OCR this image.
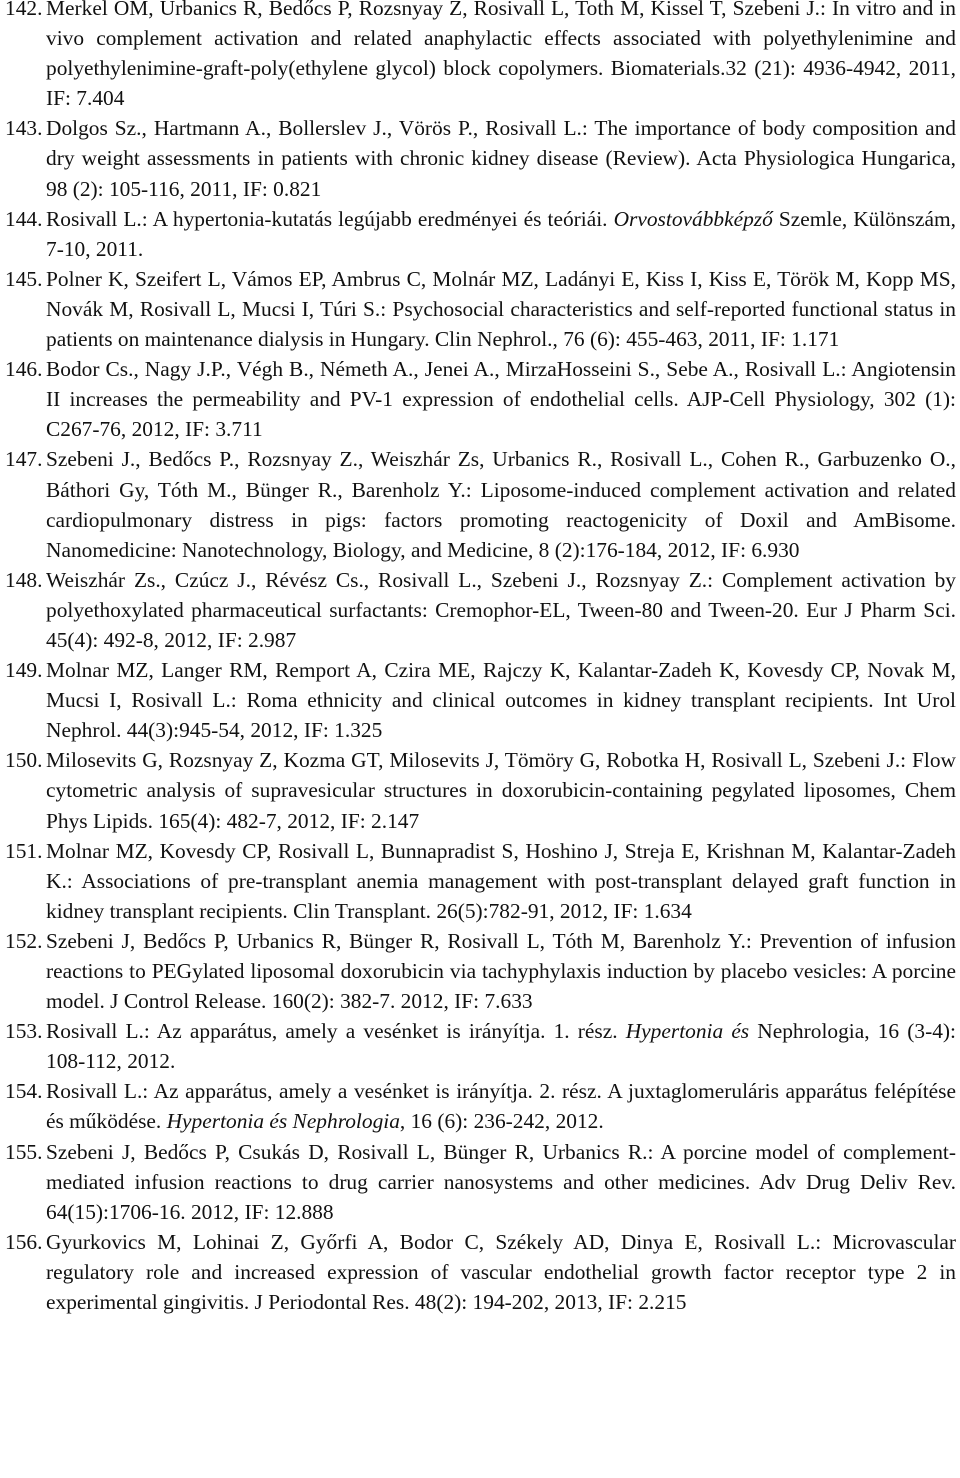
142. Merkel OM, Urbanics R, Bedőcs P, Rozsnyay Z, Rosivall L, Toth M, Kissel T, Szebeni J.: In vitro and in vivo complement activation and related anaphylactic effects associated with polyethylenimine and polyethylenimine-graft-poly(ethylene glycol) block copolymers. Biomaterials.32 (21): 4936-4942, 2011, IF: 7.404
143. Dolgos Sz., Hartmann A., Bollerslev J., Vörös P., Rosivall L.: The importance of body composition and dry weight assessments in patients with chronic kidney disease (Review). Acta Physiologica Hungarica, 98 (2): 105-116, 2011, IF: 0.821
144. Rosivall L.: A hypertonia-kutatás legújabb eredményei és teóriái. Orvostovábbképző Szemle, Különszám, 7-10, 2011.
145. Polner K, Szeifert L, Vámos EP, Ambrus C, Molnár MZ, Ladányi E, Kiss I, Kiss E, Török M, Kopp MS, Novák M, Rosivall L, Mucsi I, Túri S.: Psychosocial characteristics and self-reported functional status in patients on maintenance dialysis in Hungary. Clin Nephrol., 76 (6): 455-463, 2011, IF: 1.171
146. Bodor Cs., Nagy J.P., Végh B., Németh A., Jenei A., MirzaHosseini S., Sebe A., Rosivall L.: Angiotensin II increases the permeability and PV-1 expression of endothelial cells. AJP-Cell Physiology, 302 (1): C267-76, 2012, IF: 3.711
147. Szebeni J., Bedőcs P., Rozsnyay Z., Weiszhár Zs, Urbanics R., Rosivall L., Cohen R., Garbuzenko O., Báthori Gy, Tóth M., Bünger R., Barenholz Y.: Liposome-induced complement activation and related cardiopulmonary distress in pigs: factors promoting reactogenicity of Doxil and AmBisome. Nanomedicine: Nanotechnology, Biology, and Medicine, 8 (2):176-184, 2012, IF: 6.930
148. Weiszhár Zs., Czúcz J., Révész Cs., Rosivall L., Szebeni J., Rozsnyay Z.: Complement activation by polyethoxylated pharmaceutical surfactants: Cremophor-EL, Tween-80 and Tween-20. Eur J Pharm Sci. 45(4): 492-8, 2012, IF: 2.987
149. Molnar MZ, Langer RM, Remport A, Czira ME, Rajczy K, Kalantar-Zadeh K, Kovesdy CP, Novak M, Mucsi I, Rosivall L.: Roma ethnicity and clinical outcomes in kidney transplant recipients. Int Urol Nephrol. 44(3):945-54, 2012, IF: 1.325
150. Milosevits G, Rozsnyay Z, Kozma GT, Milosevits J, Tömöry G, Robotka H, Rosivall L, Szebeni J.: Flow cytometric analysis of supravesicular structures in doxorubicin-containing pegylated liposomes, Chem Phys Lipids. 165(4): 482-7, 2012, IF: 2.147
151. Molnar MZ, Kovesdy CP, Rosivall L, Bunnapradist S, Hoshino J, Streja E, Krishnan M, Kalantar-Zadeh K.: Associations of pre-transplant anemia management with post-transplant delayed graft function in kidney transplant recipients. Clin Transplant. 26(5):782-91, 2012, IF: 1.634
152. Szebeni J, Bedőcs P, Urbanics R, Bünger R, Rosivall L, Tóth M, Barenholz Y.: Prevention of infusion reactions to PEGylated liposomal doxorubicin via tachyphylaxis induction by placebo vesicles: A porcine model. J Control Release. 160(2): 382-7. 2012, IF: 7.633
153. Rosivall L.: Az apparátus, amely a vesénket is irányítja. 1. rész. Hypertonia és Nephrologia, 16 (3-4): 108-112, 2012.
154. Rosivall L.: Az apparátus, amely a vesénket is irányítja. 2. rész. A juxtaglomeruláris apparátus felépítése és működése. Hypertonia és Nephrologia, 16 (6): 236-242, 2012.
155. Szebeni J, Bedőcs P, Csukás D, Rosivall L, Bünger R, Urbanics R.: A porcine model of complement-mediated infusion reactions to drug carrier nanosystems and other medicines. Adv Drug Deliv Rev. 64(15):1706-16. 2012, IF: 12.888
156. Gyurkovics M, Lohinai Z, Győrfi A, Bodor C, Székely AD, Dinya E, Rosivall L.: Microvascular regulatory role and increased expression of vascular endothelial growth factor receptor type 2 in experimental gingivitis. J Periodontal Res. 48(2): 194-202, 2013, IF: 2.215
